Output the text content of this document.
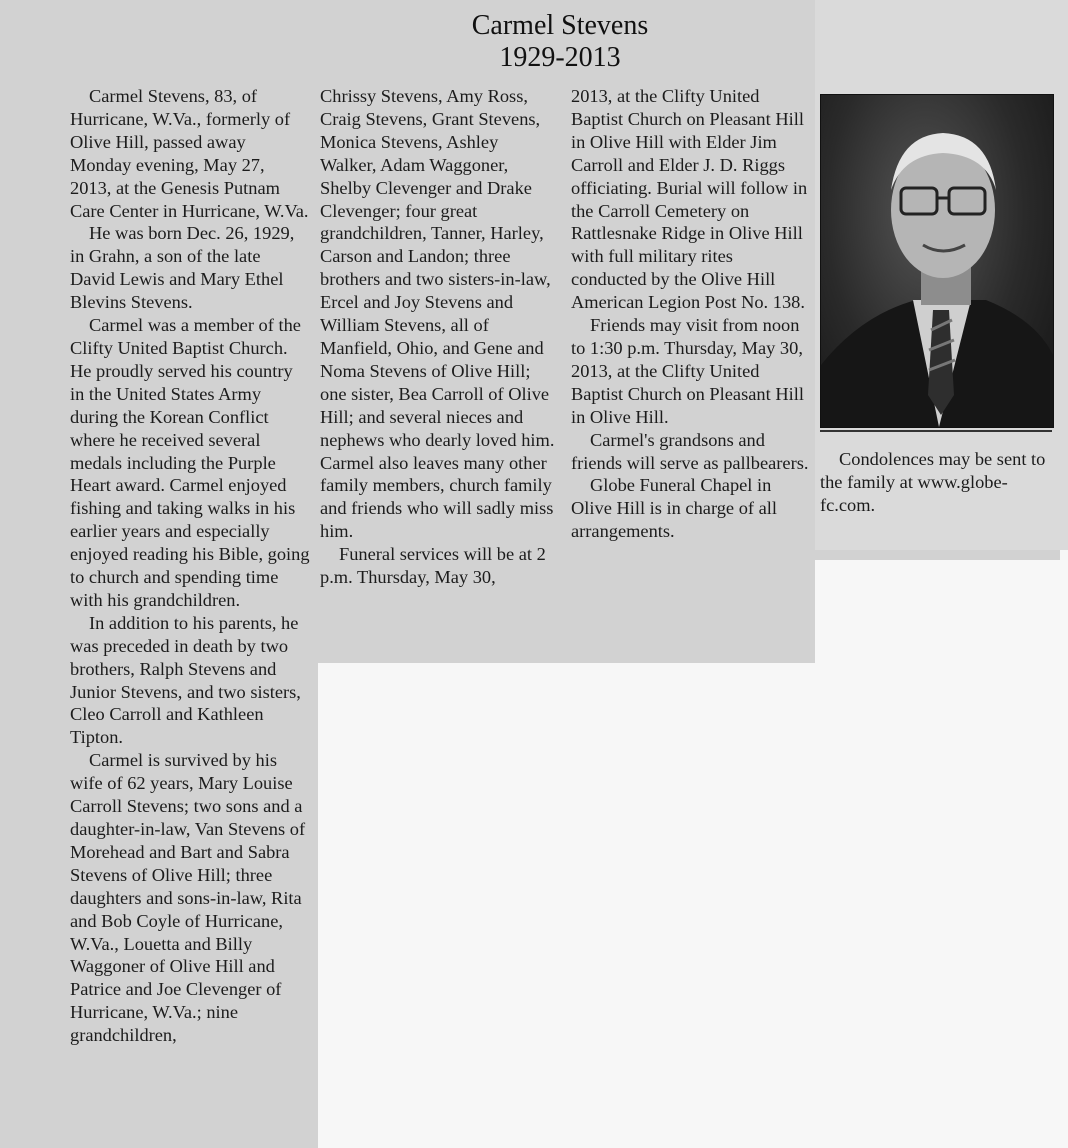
Carmel Stevens
1929-2013

Carmel Stevens, 83, of Hurricane, W.Va., formerly of Olive Hill, passed away Monday evening, May 27, 2013, at the Genesis Putnam Care Center in Hurricane, W.Va.

He was born Dec. 26, 1929, in Grahn, a son of the late David Lewis and Mary Ethel Blevins Stevens.

Carmel was a member of the Clifty United Baptist Church. He proudly served his country in the United States Army during the Korean Conflict where he received several medals including the Purple Heart award. Carmel enjoyed fishing and taking walks in his earlier years and especially enjoyed reading his Bible, going to church and spending time with his grandchildren.

In addition to his parents, he was preceded in death by two brothers, Ralph Stevens and Junior Stevens, and two sisters, Cleo Carroll and Kathleen Tipton.

Carmel is survived by his wife of 62 years, Mary Louise Carroll Stevens; two sons and a daughter-in-law, Van Stevens of Morehead and Bart and Sabra Stevens of Olive Hill; three daughters and sons-in-law, Rita and Bob Coyle of Hurricane, W.Va., Louetta and Billy Waggoner of Olive Hill and Patrice and Joe Clevenger of Hurricane, W.Va.; nine grandchildren,

Chrissy Stevens, Amy Ross, Craig Stevens, Grant Stevens, Monica Stevens, Ashley Walker, Adam Waggoner, Shelby Clevenger and Drake Clevenger; four great grandchildren, Tanner, Harley, Carson and Landon; three brothers and two sisters-in-law, Ercel and Joy Stevens and William Stevens, all of Manfield, Ohio, and Gene and Noma Stevens of Olive Hill; one sister, Bea Carroll of Olive Hill; and several nieces and nephews who dearly loved him. Carmel also leaves many other family members, church family and friends who will sadly miss him.

Funeral services will be at 2 p.m. Thursday, May 30,

2013, at the Clifty United Baptist Church on Pleasant Hill in Olive Hill with Elder Jim Carroll and Elder J. D. Riggs officiating. Burial will follow in the Carroll Cemetery on Rattlesnake Ridge in Olive Hill with full military rites conducted by the Olive Hill American Legion Post No. 138.

Friends may visit from noon to 1:30 p.m. Thursday, May 30, 2013, at the Clifty United Baptist Church on Pleasant Hill in Olive Hill.

Carmel's grandsons and friends will serve as pallbearers.

Globe Funeral Chapel in Olive Hill is in charge of all arrangements.

Condolences may be sent to the family at www.globe-fc.com.
